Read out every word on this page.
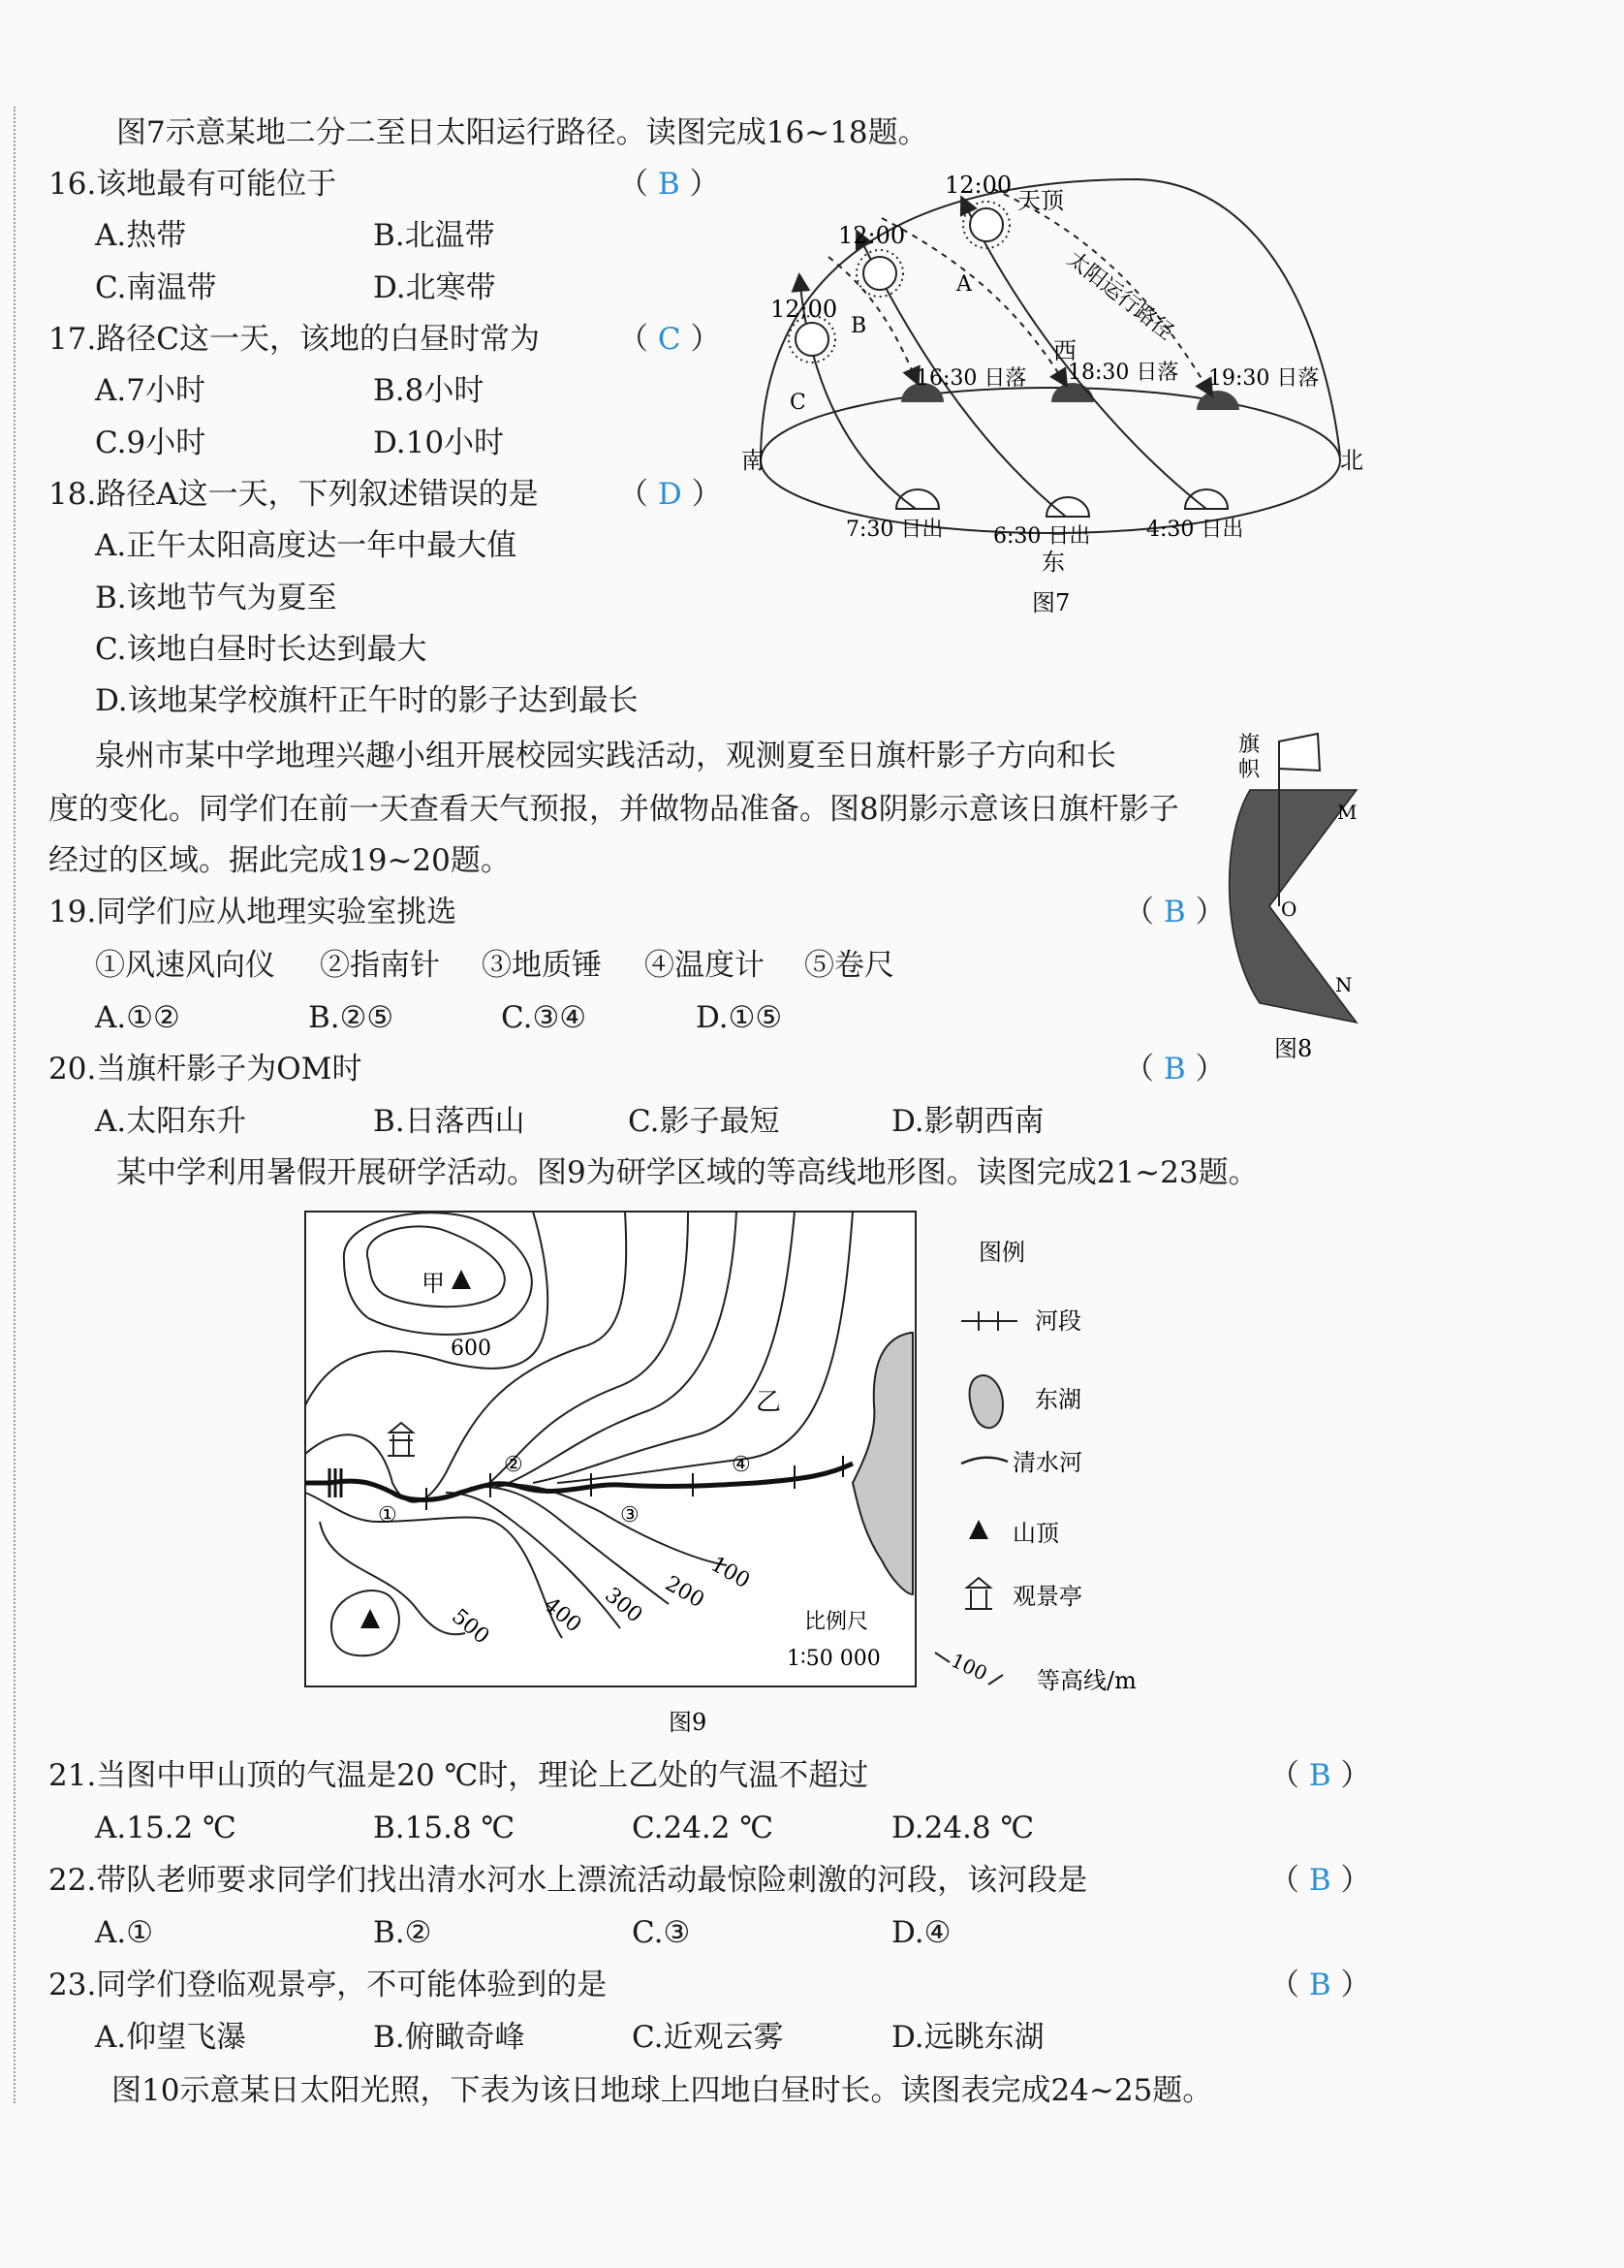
图7示意某地二分二至日太阳运行路径。读图完成16~18题。
16.该地最有可能位于	（ B ）
A.热带	B.北温带
C.南温带	D.北寒带
17.路径C这一天，该地的白昼时常为	（ C ）
A.7小时	B.8小时
C.9小时	D.10小时
18.路径A这一天，下列叙述错误的是	（ D ）
A.正午太阳高度达一年中最大值
B.该地节气为夏至
C.该地白昼时长达到最大
D.该地某学校旗杆正午时的影子达到最长
12:00
12:00
12:00
天顶
太阳运行路径
A
B
C
西
16:30 日落 18:30 日落 19:30 日落
南	北
7:30 日出 6:30 日出	4:30 日出
东
图7
泉州市某中学地理兴趣小组开展校园实践活动，观测夏至日旗杆影子方向和长
度的变化。同学们在前一天查看天气预报，并做物品准备。图8阴影示意该日旗杆影子
经过的区域。据此完成19~20题。
旗
帜
M
O
N
图8
19.同学们应从地理实验室挑选	（ B ）
①风速风向仪 ②指南针 ③地质锤 ④温度计 ⑤卷尺
A.①②	B.②⑤	C.③④	D.①⑤
20.当旗杆影子为OM时	（ B ）
A.太阳东升	B.日落西山	C.影子最短	D.影朝西南
某中学利用暑假开展研学活动。图9为研学区域的等高线地形图。读图完成21~23题。
甲
乙
600
500 400 300 200
100
①
②
③
④
比例尺
1∶50 000
图例
河段
东湖
清水河
山顶
观景亭
100 等高线/m
图9
21.当图中甲山顶的气温是20 ℃时，理论上乙处的气温不超过	（ B ）
A.15.2 ℃	B.15.8 ℃	C.24.2 ℃	D.24.8 ℃
22.带队老师要求同学们找出清水河水上漂流活动最惊险刺激的河段，该河段是	（ B ）
A.①	B.②	C.③	D.④
23.同学们登临观景亭，不可能体验到的是	（ B ）
A.仰望飞瀑	B.俯瞰奇峰	C.近观云雾	D.远眺东湖
图10示意某日太阳光照，下表为该日地球上四地白昼时长。读图表完成24~25题。
